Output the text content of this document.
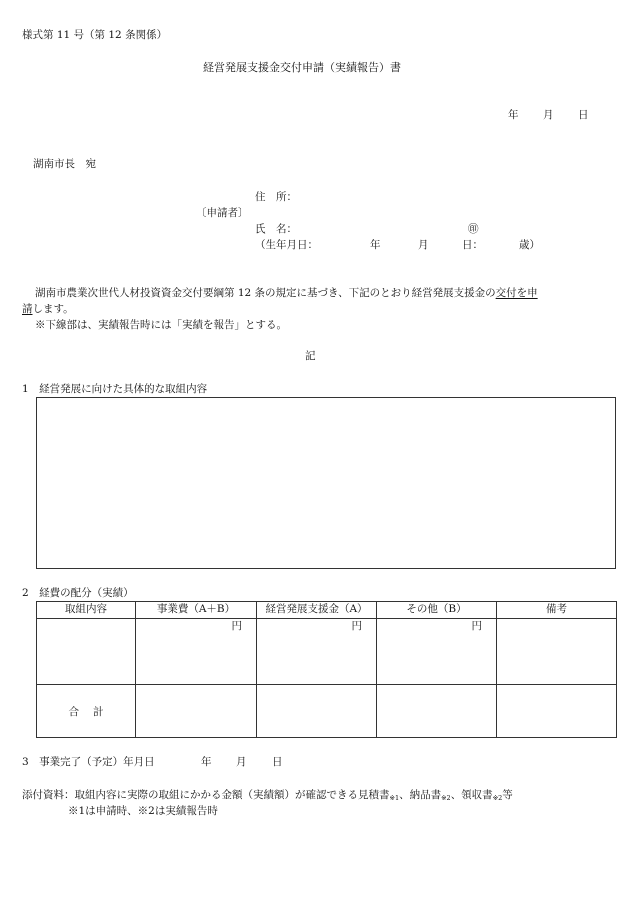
様式第 11 号（第 12 条関係）
経営発展支援金交付申請（実績報告）書
年 月 日
湖南市長　宛
住　所：
〔申請者〕
氏　名：	㊞
（生年月日：	年	月	日：	歳）
湖南市農業次世代人材投資資金交付要綱第 12 条の規定に基づき、下記のとおり経営発展支援金の交付を申
請します。
※下線部は、実績報告時には「実績を報告」とする。
記
1　経営発展に向けた具体的な取組内容
2　経費の配分（実績）
取組内容	事業費（A＋B）	経営発展支援金（A）	その他（B）	備考

	円	円	円	

合計				
3　事業完了（予定）年月日	年 月 日
添付資料：取組内容に実際の取組にかかる金額（実績額）が確認できる見積書$_{※1}$、納品書$_{※2}$、領収書$_{※2}$等
※1は申請時、※2は実績報告時
